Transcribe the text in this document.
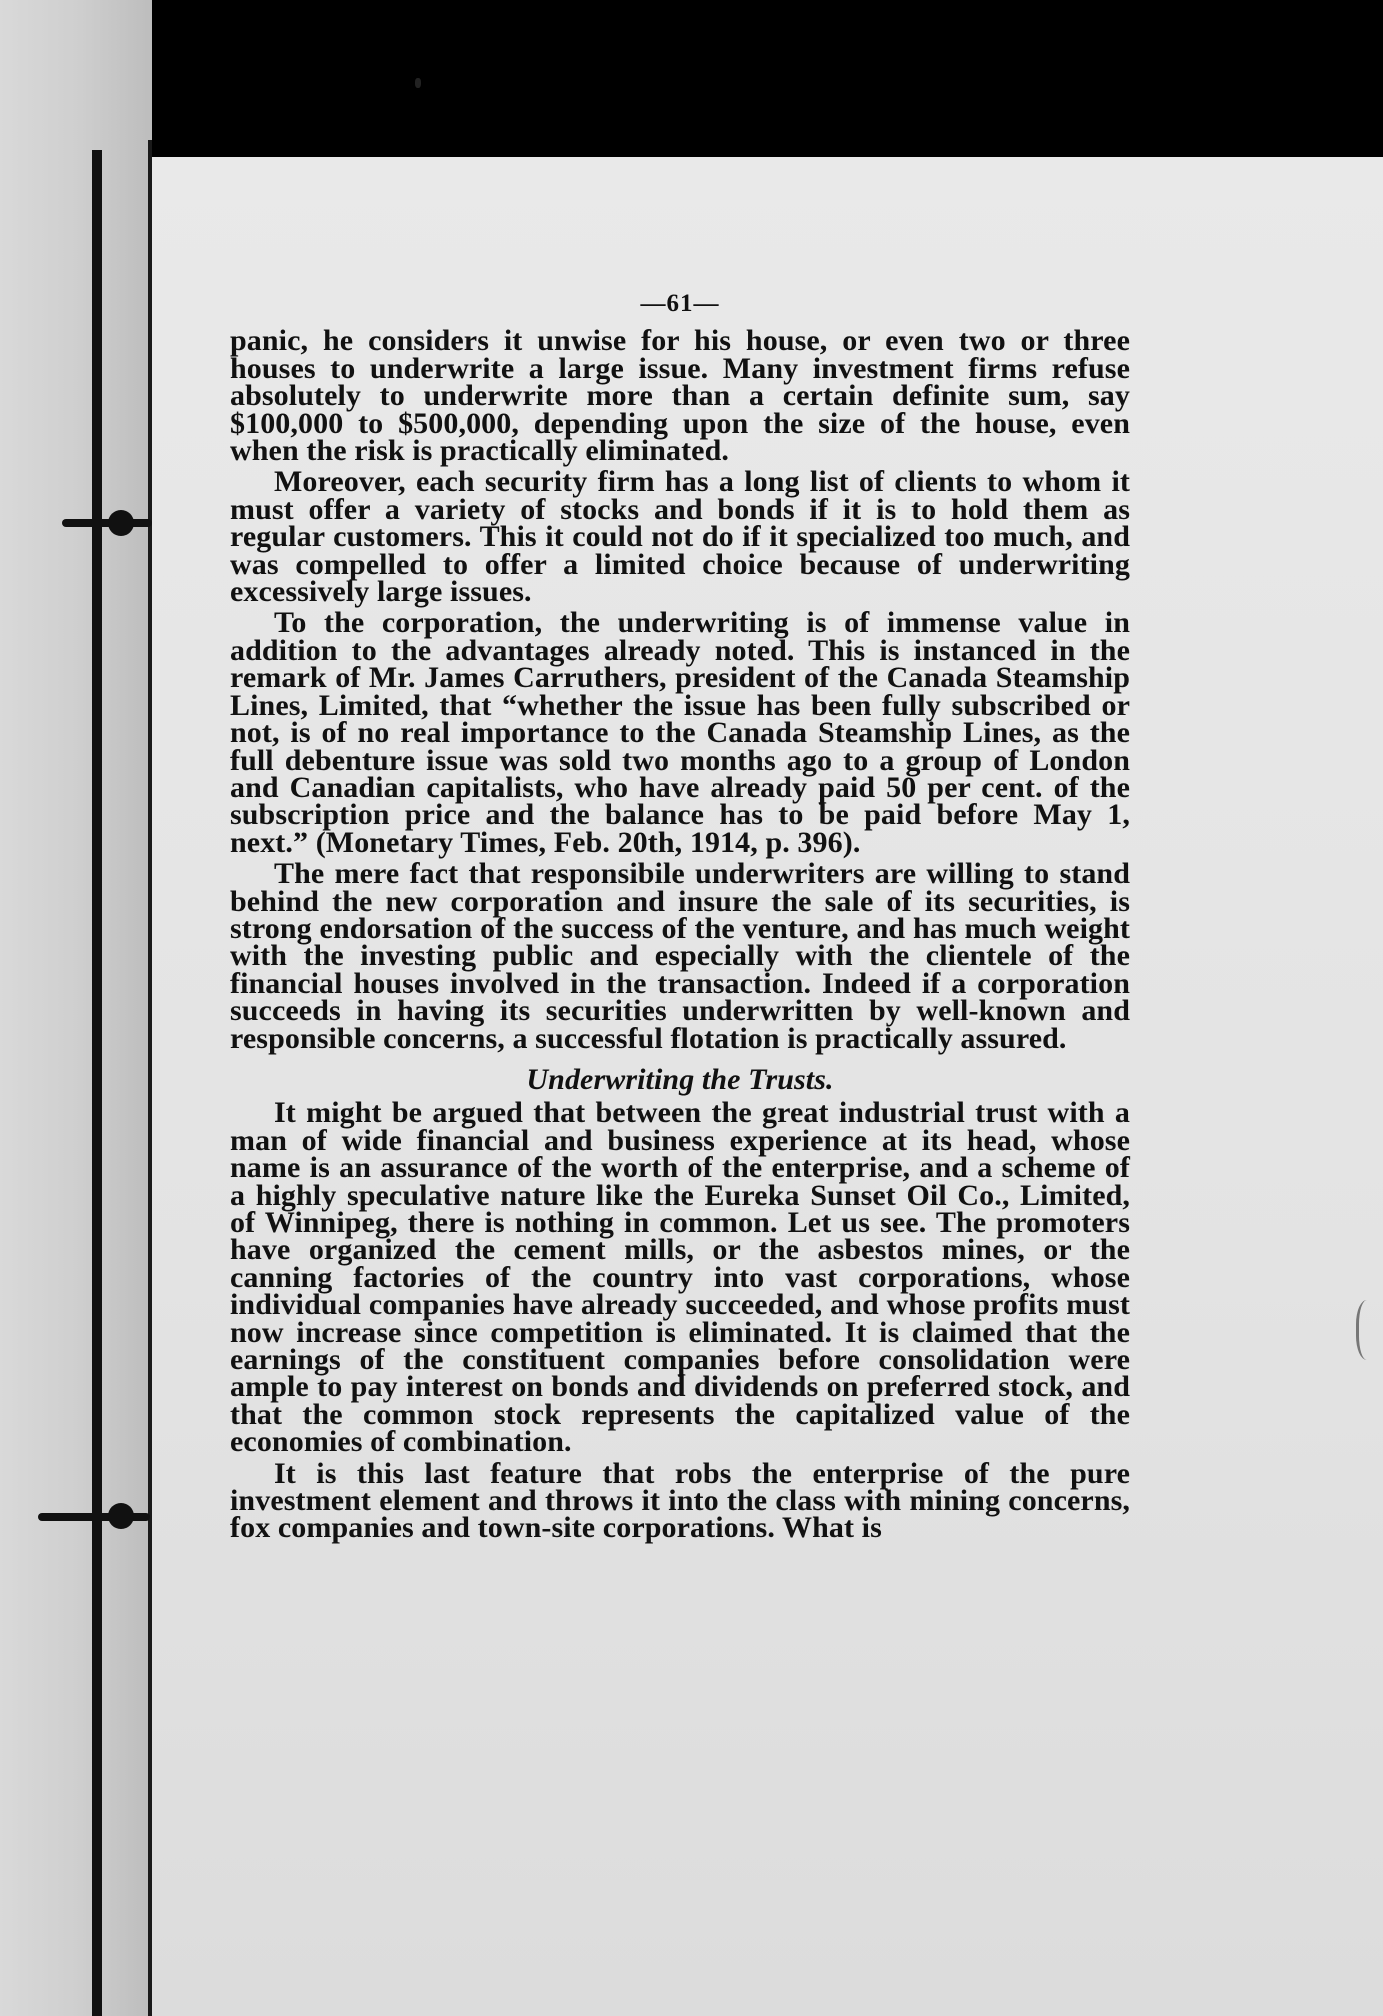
—61—

panic, he considers it unwise for his house, or even two or three houses to underwrite a large issue. Many investment firms refuse absolutely to underwrite more than a certain definite sum, say $100,000 to $500,000, depending upon the size of the house, even when the risk is practically eliminated.

Moreover, each security firm has a long list of clients to whom it must offer a variety of stocks and bonds if it is to hold them as regular customers. This it could not do if it specialized too much, and was compelled to offer a limited choice because of underwriting excessively large issues.

To the corporation, the underwriting is of immense value in addition to the advantages already noted. This is instanced in the remark of Mr. James Carruthers, president of the Canada Steamship Lines, Limited, that “whether the issue has been fully subscribed or not, is of no real importance to the Canada Steamship Lines, as the full debenture issue was sold two months ago to a group of London and Canadian capitalists, who have already paid 50 per cent. of the subscription price and the balance has to be paid before May 1, next.” (Monetary Times, Feb. 20th, 1914, p. 396).

The mere fact that responsibile underwriters are willing to stand behind the new corporation and insure the sale of its securities, is strong endorsation of the success of the venture, and has much weight with the investing public and especially with the clientele of the financial houses involved in the transaction. Indeed if a corporation succeeds in having its securities underwritten by well-known and responsible concerns, a successful flotation is practically assured.

Underwriting the Trusts.

It might be argued that between the great industrial trust with a man of wide financial and business experience at its head, whose name is an assurance of the worth of the enterprise, and a scheme of a highly speculative nature like the Eureka Sunset Oil Co., Limited, of Winnipeg, there is nothing in common. Let us see. The promoters have organized the cement mills, or the asbestos mines, or the canning factories of the country into vast corporations, whose individual companies have already succeeded, and whose profits must now increase since competition is eliminated. It is claimed that the earnings of the constituent companies before consolidation were ample to pay interest on bonds and dividends on preferred stock, and that the common stock represents the capitalized value of the economies of combination.

It is this last feature that robs the enterprise of the pure investment element and throws it into the class with mining concerns, fox companies and town-site corporations. What is
